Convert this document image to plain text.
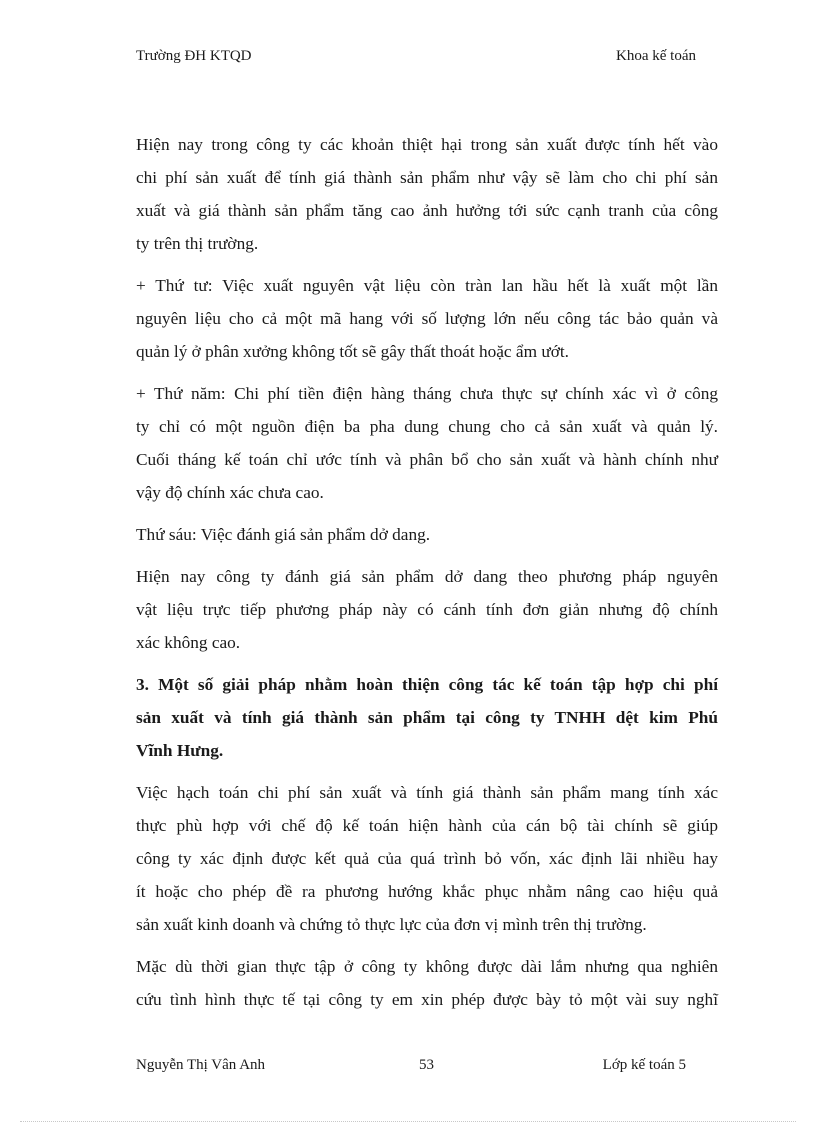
Trường ĐH KTQD	Khoa kế toán
Hiện nay trong công ty các khoản thiệt hại trong sản xuất được tính hết vào
chi phí sản xuất để tính giá thành sản phẩm như vậy sẽ làm cho chi phí sản
xuất và giá thành sản phẩm tăng cao ảnh hưởng tới sức cạnh tranh của công
ty trên thị trường.
+ Thứ tư: Việc xuất nguyên vật liệu còn tràn lan hầu hết là xuất một lần
nguyên liệu cho cả một mã hang với số lượng lớn nếu công tác bảo quản và
quản lý ở phân xưởng không tốt sẽ gây thất thoát hoặc ẩm ướt.
+ Thứ năm: Chi phí tiền điện hàng tháng chưa thực sự chính xác vì ở công
ty chỉ có một nguồn điện ba pha dung chung cho cả sản xuất và quản lý.
Cuối tháng kế toán chỉ ước tính và phân bổ cho sản xuất và hành chính như
vậy độ chính xác chưa cao.
Thứ sáu: Việc đánh giá sản phẩm dở dang.
Hiện nay công ty đánh giá sản phẩm dở dang theo phương pháp nguyên
vật liệu trực tiếp phương pháp này có cánh tính đơn giản nhưng độ chính
xác không cao.
3. Một số giải pháp nhằm hoàn thiện công tác kế toán tập hợp chi phí
sản xuất và tính giá thành sản phẩm tại công ty TNHH dệt kim Phú
Vĩnh Hưng.
Việc hạch toán chi phí sản xuất và tính giá thành sản phẩm mang tính xác
thực phù hợp với chế độ kế toán hiện hành của cán bộ tài chính sẽ giúp
công ty xác định được kết quả của quá trình bỏ vốn, xác định lãi nhiều hay
ít hoặc cho phép đề ra phương hướng khắc phục nhằm nâng cao hiệu quả
sản xuất kinh doanh và chứng tỏ thực lực của đơn vị mình trên thị trường.
Mặc dù thời gian thực tập ở công ty không được dài lắm nhưng qua nghiên
cứu tình hình thực tế tại công ty em xin phép được bày tỏ một vài suy nghĩ
Nguyễn Thị Vân Anh	53	Lớp kế toán 5
